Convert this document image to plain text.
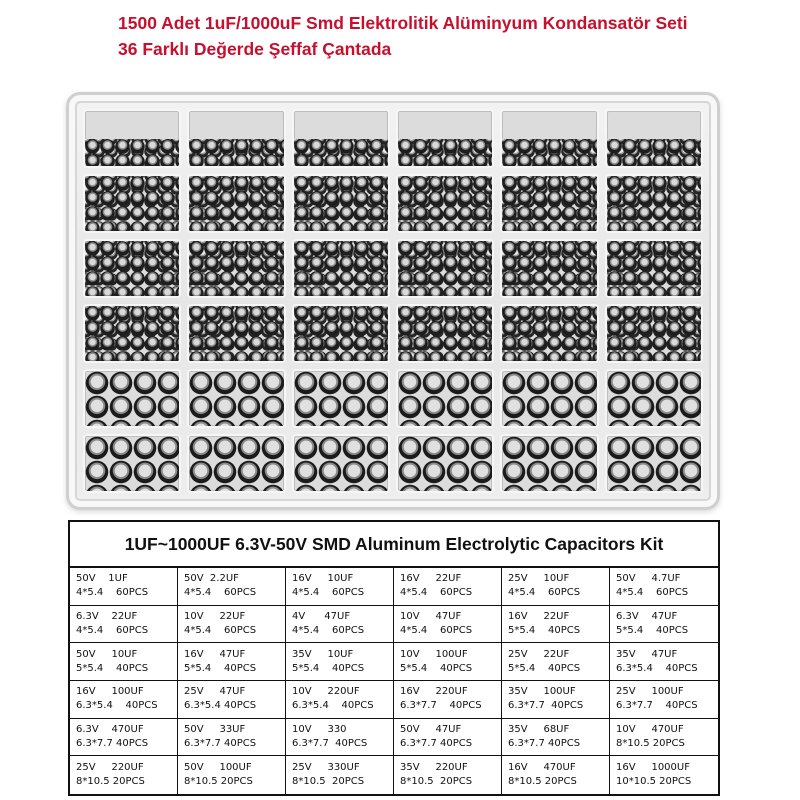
1500 Adet 1uF/1000uF Smd Elektrolitik Alüminyum Kondansatör Seti
36 Farklı Değerde Şeffaf Çantada
1UF~1000UF 6.3V-50V SMD Aluminum Electrolytic Capacitors Kit
50V    1UF
4*5.4    60PCS
50V  2.2UF
4*5.4    60PCS
16V     10UF
4*5.4    60PCS
16V     22UF
4*5.4    60PCS
25V     10UF
4*5.4    60PCS
50V     4.7UF
4*5.4    60PCS
6.3V    22UF
4*5.4    60PCS
10V     22UF
4*5.4    60PCS
4V      47UF
4*5.4    60PCS
10V     47UF
4*5.4    60PCS
16V     22UF
5*5.4    40PCS
6.3V    47UF
5*5.4    40PCS
50V     10UF
5*5.4    40PCS
16V     47UF
5*5.4    40PCS
35V     10UF
5*5.4    40PCS
10V     100UF
5*5.4    40PCS
25V     22UF
5*5.4    40PCS
35V     47UF
6.3*5.4    40PCS
16V     100UF
6.3*5.4    40PCS
25V     47UF
6.3*5.4 40PCS
10V     220UF
6.3*5.4    40PCS
16V     220UF
6.3*7.7    40PCS
35V     100UF
6.3*7.7  40PCS
25V     100UF
6.3*7.7    40PCS
6.3V    470UF
6.3*7.7 40PCS
50V     33UF
6.3*7.7 40PCS
10V     330
6.3*7.7  40PCS
50V     47UF
6.3*7.7 40PCS
35V     68UF
6.3*7.7 40PCS
10V     470UF
8*10.5 20PCS
25V     220UF
8*10.5 20PCS
50V     100UF
8*10.5 20PCS
25V     330UF
8*10.5  20PCS
35V     220UF
8*10.5  20PCS
16V     470UF
8*10.5 20PCS
16V     1000UF
10*10.5 20PCS
